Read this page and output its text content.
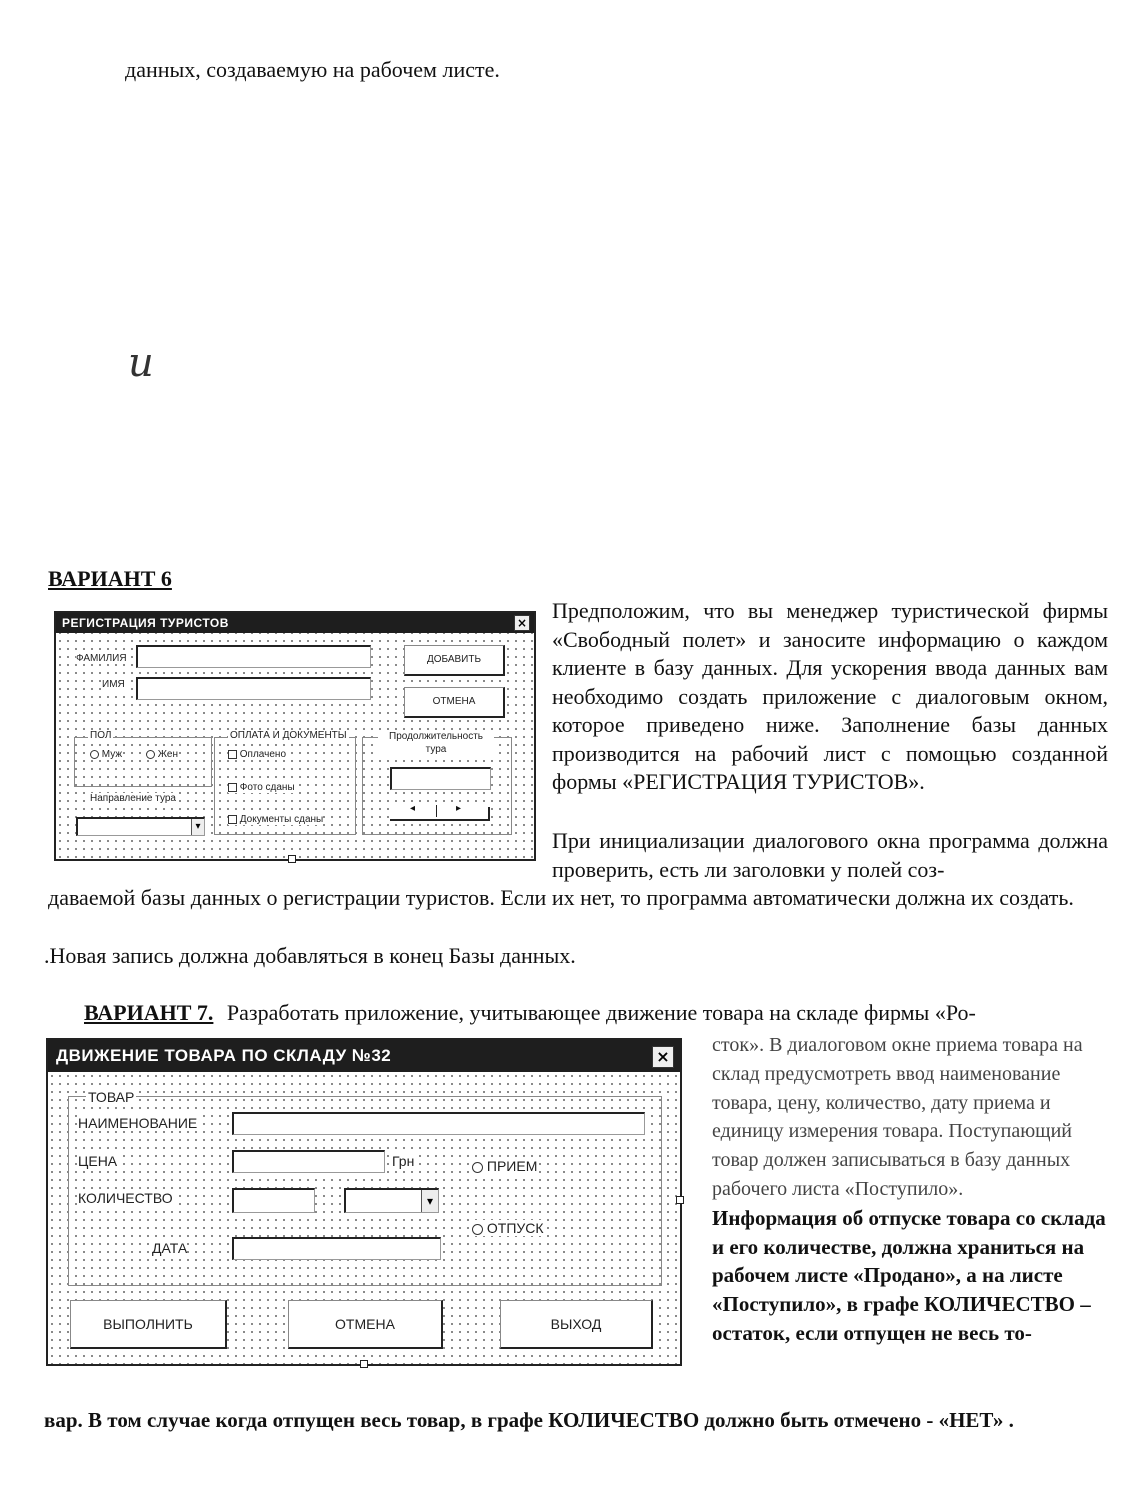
данных, создаваемую на рабочем листе.
и
ВАРИАНТ 6
РЕГИСТРАЦИЯ ТУРИСТОВ	×
ФАМИЛИЯ
ИМЯ
ДОБАВИТЬ
ОТМЕНА
ПОЛ
Муж	Жен
ОПЛАТА И ДОКУМЕНТЫ
Оплачено
Фото сданы
Документы сданы
Продолжительность тура
◂	▸
Направление тура
▾
Предположим, что вы менеджер туристической фирмы «Свободный полет» и заносите информацию о каждом клиенте в базу данных. Для ускорения ввода данных вам необходимо создать приложение с диалоговым окном, которое приведено ниже. Заполнение базы данных производится на рабочий лист с помощью созданной формы «РЕГИСТРАЦИЯ ТУРИСТОВ».
При инициализации диалогового окна программа должна проверить, есть ли заголовки у полей соз-
даваемой базы данных о регистрации туристов. Если их нет, то программа автоматически должна их создать.
.Новая запись должна добавляться в конец Базы данных.
ВАРИАНТ 7. Разработать приложение, учитывающее движение товара на складе фирмы «Ро-
ДВИЖЕНИЕ ТОВАРА ПО СКЛАДУ №32	×
ТОВАР
НАИМЕНОВАНИЕ
ЦЕНА	Грн
КОЛИЧЕСТВО	▾
ДАТА
ПРИЕМ
ОТПУСК
ВЫПОЛНИТЬ	ОТМЕНА	ВЫХОД
сток». В диалоговом окне приема товара на склад предусмотреть ввод наименование товара, цену, количество, дату приема и единицу измерения товара. Поступающий товар должен записываться в базу данных рабочего листа «Поступило».
Информация об отпуске товара со склада и его количестве, должна храниться на рабочем листе «Продано», а на листе «Поступило», в графе КОЛИЧЕСТВО – остаток, если отпущен не весь то-
вар. В том случае когда отпущен весь товар, в графе КОЛИЧЕСТВО должно быть отмечено - «НЕТ» .
